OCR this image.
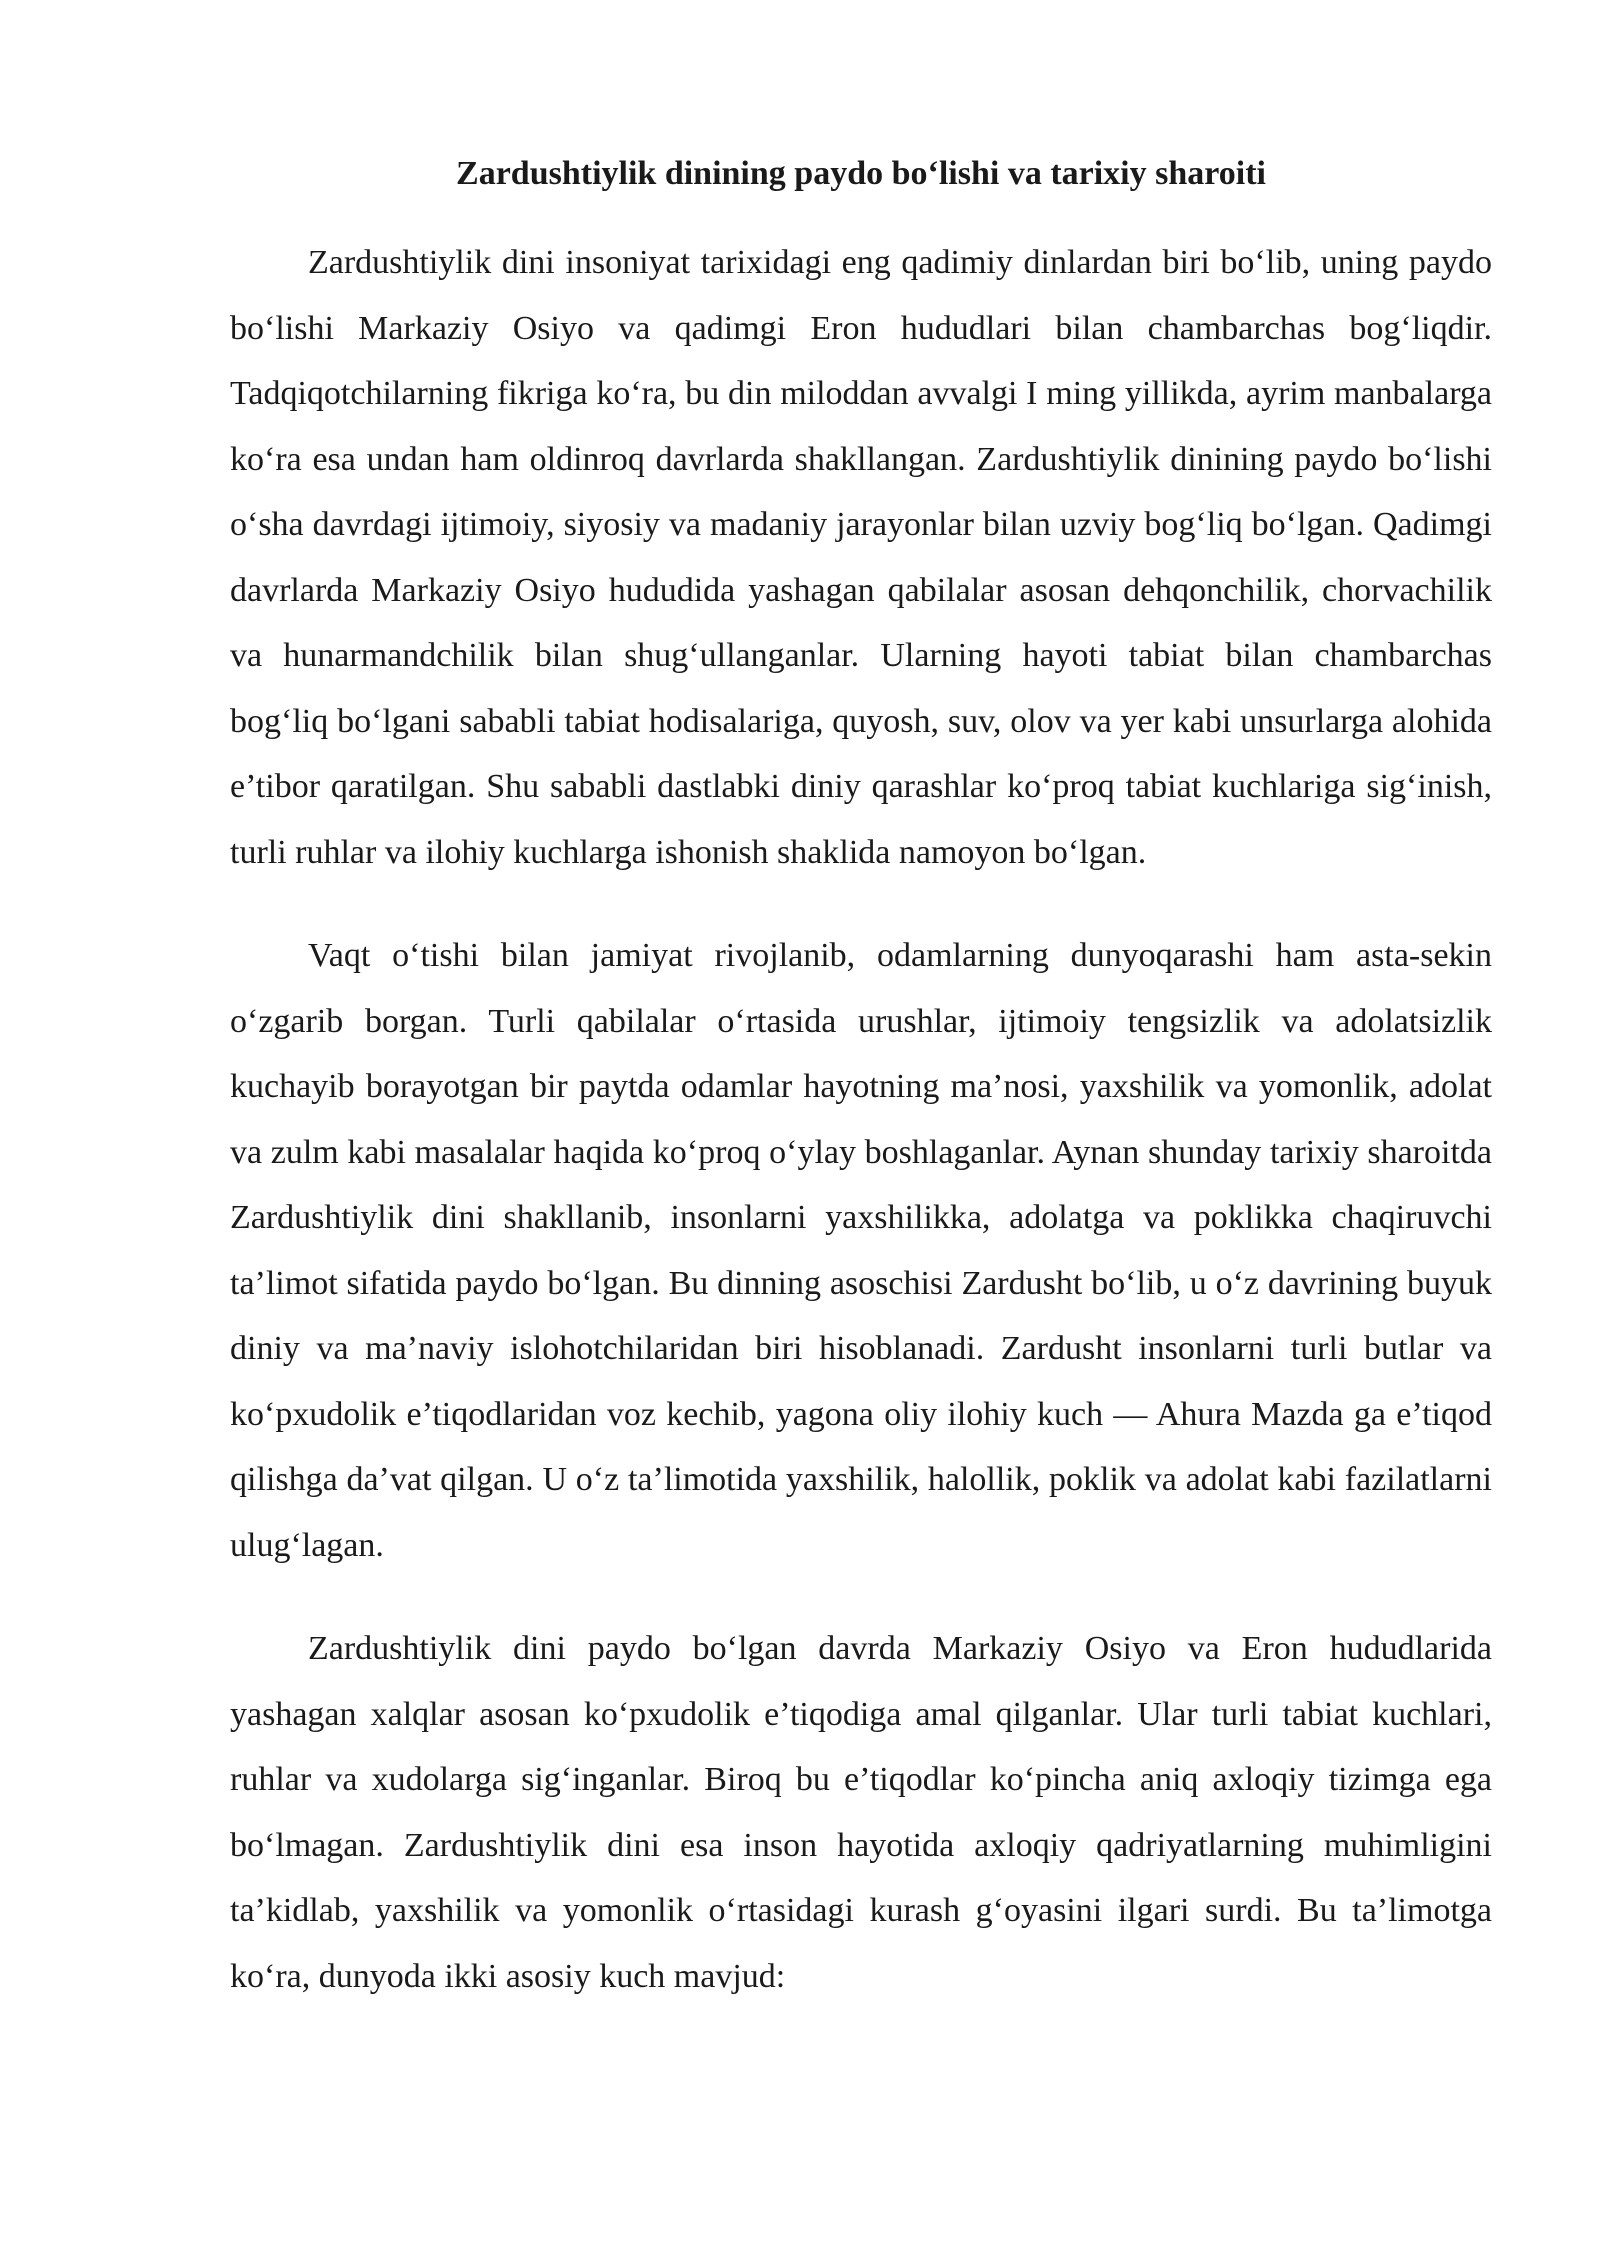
Zardushtiylik dinining paydo boʻlishi va tarixiy sharoiti

Zardushtiylik dini insoniyat tarixidagi eng qadimiy dinlardan biri boʻlib, uning paydo boʻlishi Markaziy Osiyo va qadimgi Eron hududlari bilan chambarchas bogʻliqdir. Tadqiqotchilarning fikriga koʻra, bu din miloddan avvalgi I ming yillikda, ayrim manbalarga koʻra esa undan ham oldinroq davrlarda shakllangan. Zardushtiylik dinining paydo boʻlishi oʻsha davrdagi ijtimoiy, siyosiy va madaniy jarayonlar bilan uzviy bogʻliq boʻlgan. Qadimgi davrlarda Markaziy Osiyo hududida yashagan qabilalar asosan dehqonchilik, chorvachilik va hunarmandchilik bilan shugʻullanganlar. Ularning hayoti tabiat bilan chambarchas bogʻliq boʻlgani sababli tabiat hodisalariga, quyosh, suv, olov va yer kabi unsurlarga alohida e’tibor qaratilgan. Shu sababli dastlabki diniy qarashlar koʻproq tabiat kuchlariga sigʻinish, turli ruhlar va ilohiy kuchlarga ishonish shaklida namoyon boʻlgan.

Vaqt oʻtishi bilan jamiyat rivojlanib, odamlarning dunyoqarashi ham asta-sekin oʻzgarib borgan. Turli qabilalar oʻrtasida urushlar, ijtimoiy tengsizlik va adolatsizlik kuchayib borayotgan bir paytda odamlar hayotning ma’nosi, yaxshilik va yomonlik, adolat va zulm kabi masalalar haqida koʻproq oʻylay boshlaganlar. Aynan shunday tarixiy sharoitda Zardushtiylik dini shakllanib, insonlarni yaxshilikka, adolatga va poklikka chaqiruvchi ta’limot sifatida paydo boʻlgan. Bu dinning asoschisi Zardusht boʻlib, u oʻz davrining buyuk diniy va ma’naviy islohotchilaridan biri hisoblanadi. Zardusht insonlarni turli butlar va koʻpxudolik e’tiqodlaridan voz kechib, yagona oliy ilohiy kuch — Ahura Mazda ga e’tiqod qilishga da’vat qilgan. U oʻz ta’limotida yaxshilik, halollik, poklik va adolat kabi fazilatlarni ulugʻlagan.

Zardushtiylik dini paydo boʻlgan davrda Markaziy Osiyo va Eron hududlarida yashagan xalqlar asosan koʻpxudolik e’tiqodiga amal qilganlar. Ular turli tabiat kuchlari, ruhlar va xudolarga sigʻinganlar. Biroq bu e’tiqodlar koʻpincha aniq axloqiy tizimga ega boʻlmagan. Zardushtiylik dini esa inson hayotida axloqiy qadriyatlarning muhimligini ta’kidlab, yaxshilik va yomonlik oʻrtasidagi kurash gʻoyasini ilgari surdi. Bu ta’limotga koʻra, dunyoda ikki asosiy kuch mavjud:
